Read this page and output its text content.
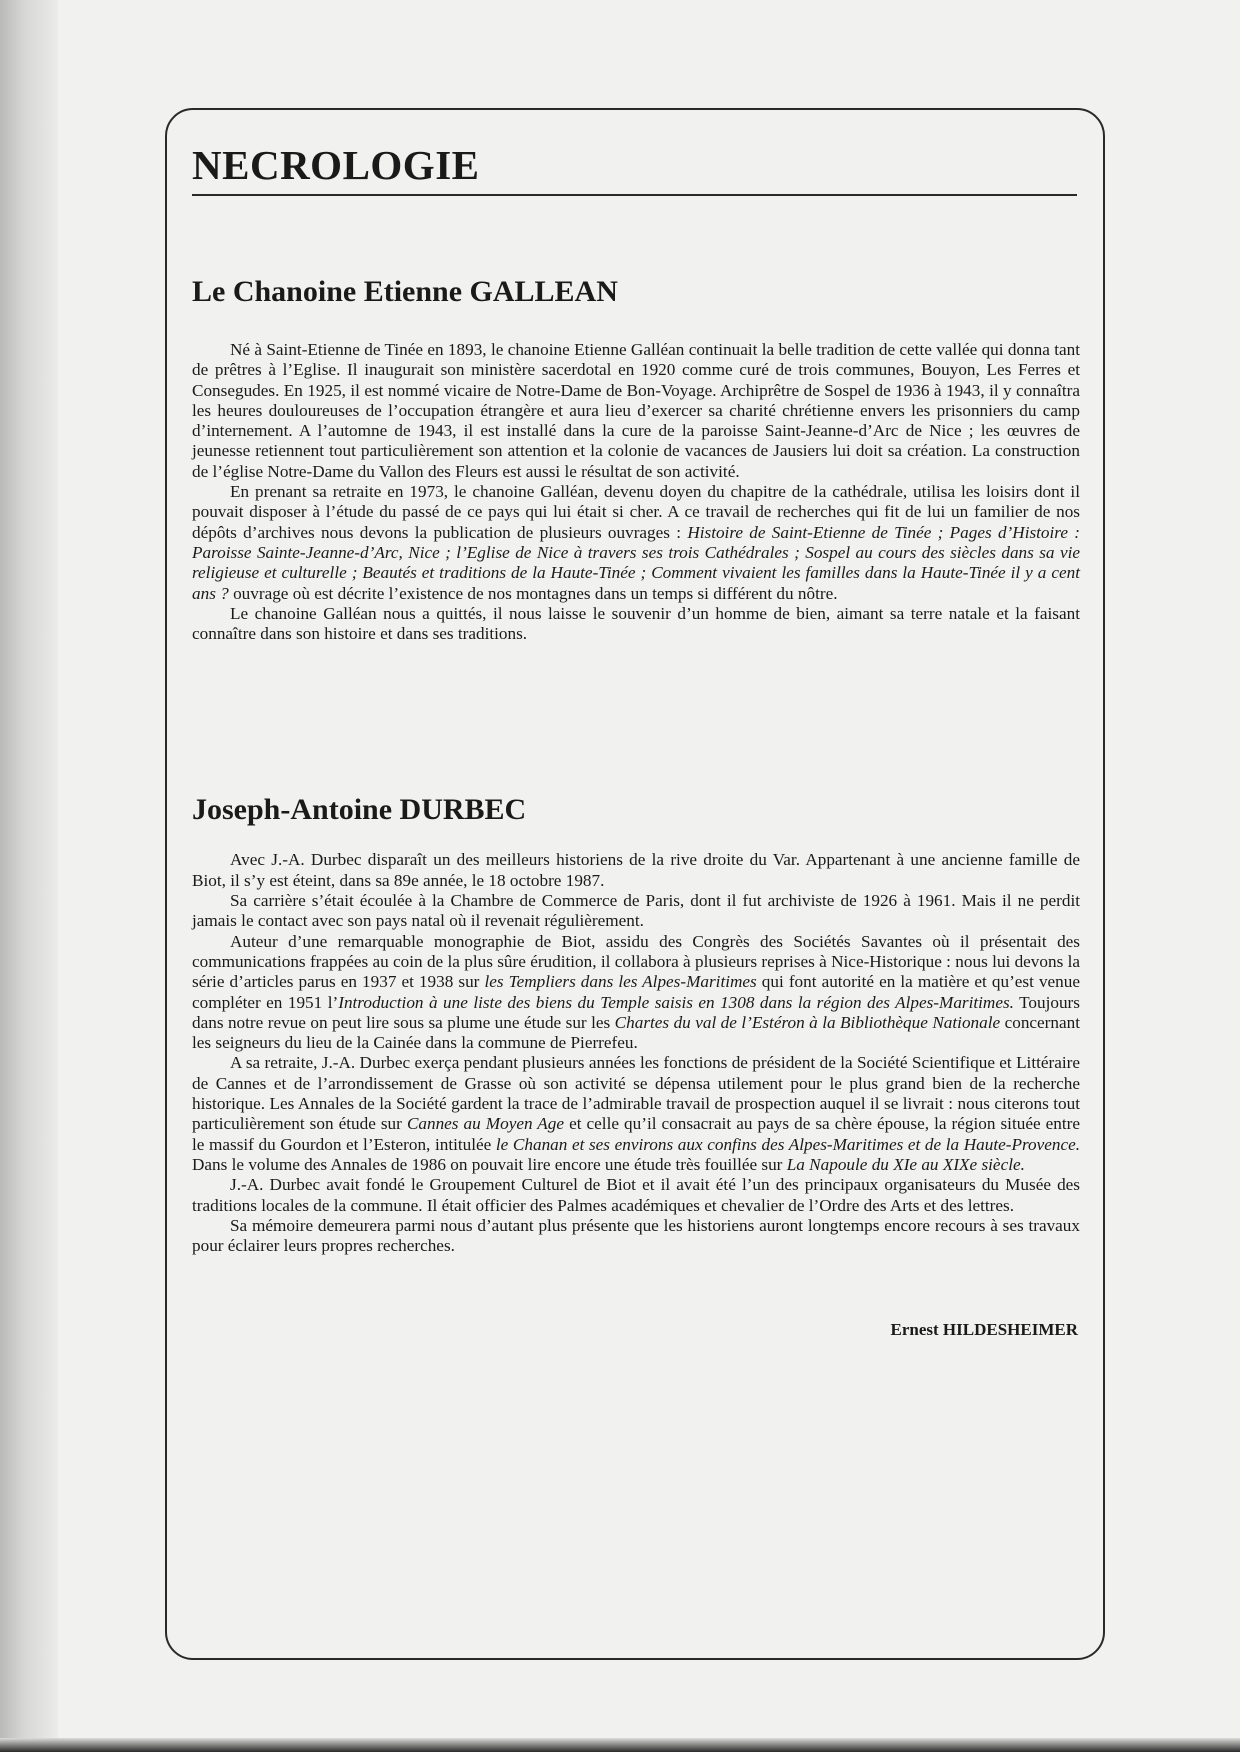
NECROLOGIE
Le Chanoine Etienne GALLEAN

Né à Saint-Etienne de Tinée en 1893, le chanoine Etienne Galléan continuait la belle tradition de cette vallée qui donna tant de prêtres à l’Eglise. Il inaugurait son ministère sacerdotal en 1920 comme curé de trois communes, Bouyon, Les Ferres et Consegudes. En 1925, il est nommé vicaire de Notre-Dame de Bon-Voyage. Archiprêtre de Sospel de 1936 à 1943, il y connaîtra les heures douloureuses de l’occupation étrangère et aura lieu d’exercer sa charité chrétienne envers les prisonniers du camp d’internement. A l’automne de 1943, il est installé dans la cure de la paroisse Saint-Jeanne-d’Arc de Nice ; les œuvres de jeunesse retiennent tout particulièrement son attention et la colonie de vacances de Jausiers lui doit sa création. La construction de l’église Notre-Dame du Vallon des Fleurs est aussi le résultat de son activité.

En prenant sa retraite en 1973, le chanoine Galléan, devenu doyen du chapitre de la cathédrale, utilisa les loisirs dont il pouvait disposer à l’étude du passé de ce pays qui lui était si cher. A ce travail de recherches qui fit de lui un familier de nos dépôts d’archives nous devons la publication de plusieurs ouvrages : Histoire de Saint-Etienne de Tinée ; Pages d’Histoire : Paroisse Sainte-Jeanne-d’Arc, Nice ; l’Eglise de Nice à travers ses trois Cathédrales ; Sospel au cours des siècles dans sa vie religieuse et culturelle ; Beautés et traditions de la Haute-Tinée ; Comment vivaient les familles dans la Haute-Tinée il y a cent ans ? ouvrage où est décrite l’existence de nos montagnes dans un temps si différent du nôtre.

Le chanoine Galléan nous a quittés, il nous laisse le souvenir d’un homme de bien, aimant sa terre natale et la faisant connaître dans son histoire et dans ses traditions.

Joseph-Antoine DURBEC

Avec J.-A. Durbec disparaît un des meilleurs historiens de la rive droite du Var. Appartenant à une ancienne famille de Biot, il s’y est éteint, dans sa 89e année, le 18 octobre 1987.

Sa carrière s’était écoulée à la Chambre de Commerce de Paris, dont il fut archiviste de 1926 à 1961. Mais il ne perdit jamais le contact avec son pays natal où il revenait régulièrement.

Auteur d’une remarquable monographie de Biot, assidu des Congrès des Sociétés Savantes où il présentait des communications frappées au coin de la plus sûre érudition, il collabora à plusieurs reprises à Nice-Historique : nous lui devons la série d’articles parus en 1937 et 1938 sur les Templiers dans les Alpes-Maritimes qui font autorité en la matière et qu’est venue compléter en 1951 l’Introduction à une liste des biens du Temple saisis en 1308 dans la région des Alpes-Maritimes. Toujours dans notre revue on peut lire sous sa plume une étude sur les Chartes du val de l’Estéron à la Bibliothèque Nationale concernant les seigneurs du lieu de la Cainée dans la commune de Pierrefeu.

A sa retraite, J.-A. Durbec exerça pendant plusieurs années les fonctions de président de la Société Scientifique et Littéraire de Cannes et de l’arrondissement de Grasse où son activité se dépensa utilement pour le plus grand bien de la recherche historique. Les Annales de la Société gardent la trace de l’admirable travail de prospection auquel il se livrait : nous citerons tout particulièrement son étude sur Cannes au Moyen Age et celle qu’il consacrait au pays de sa chère épouse, la région située entre le massif du Gourdon et l’Esteron, intitulée le Chanan et ses environs aux confins des Alpes-Maritimes et de la Haute-Provence. Dans le volume des Annales de 1986 on pouvait lire encore une étude très fouillée sur La Napoule du XIe au XIXe siècle.

J.-A. Durbec avait fondé le Groupement Culturel de Biot et il avait été l’un des principaux organisateurs du Musée des traditions locales de la commune. Il était officier des Palmes académiques et chevalier de l’Ordre des Arts et des lettres.

Sa mémoire demeurera parmi nous d’autant plus présente que les historiens auront longtemps encore recours à ses travaux pour éclairer leurs propres recherches.

Ernest HILDESHEIMER
